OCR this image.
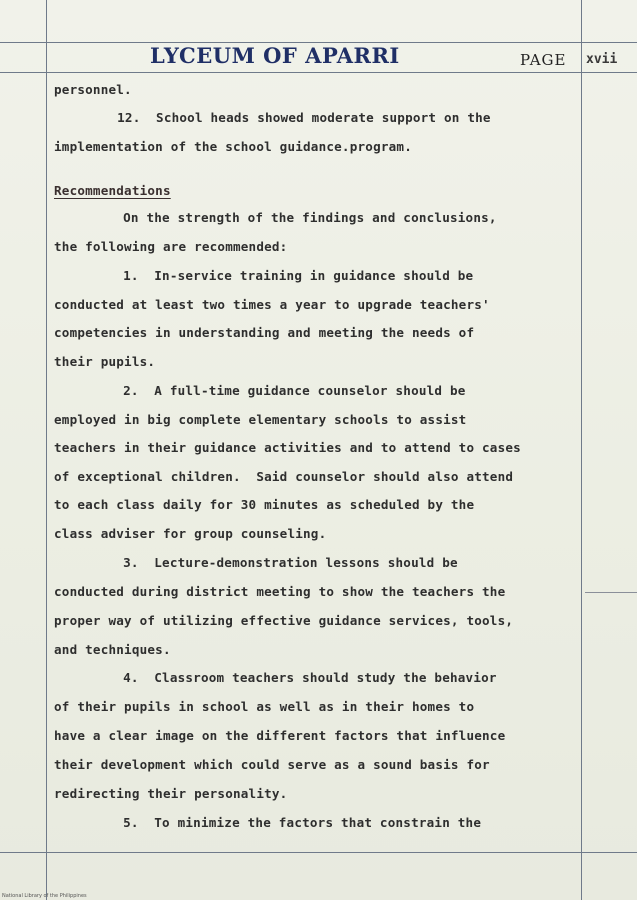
LYCEUM OF APARRI	PAGE xvii
personnel.
12.  School heads showed moderate support on the
implementation of the school guidance.program.
Recommendations
On the strength of the findings and conclusions,
the following are recommended:
1.  In-service training in guidance should be
conducted at least two times a year to upgrade teachers'
competencies in understanding and meeting the needs of
their pupils.
2.  A full-time guidance counselor should be
employed in big complete elementary schools to assist
teachers in their guidance activities and to attend to cases
of exceptional children.  Said counselor should also attend
to each class daily for 30 minutes as scheduled by the
class adviser for group counseling.
3.  Lecture-demonstration lessons should be
conducted during district meeting to show the teachers the
proper way of utilizing effective guidance services, tools,
and techniques.
4.  Classroom teachers should study the behavior
of their pupils in school as well as in their homes to
have a clear image on the different factors that influence
their development which could serve as a sound basis for
redirecting their personality.
5.  To minimize the factors that constrain the
National Library of the Philippines
